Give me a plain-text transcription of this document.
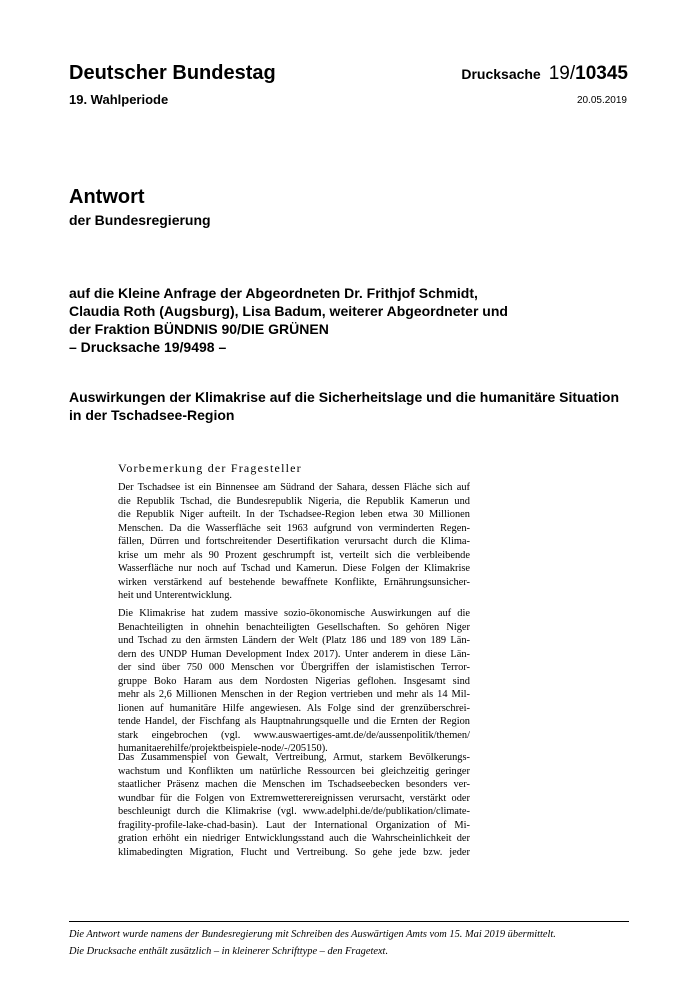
Deutscher Bundestag
19. Wahlperiode
Drucksache 19/10345
20.05.2019
Antwort
der Bundesregierung
auf die Kleine Anfrage der Abgeordneten Dr. Frithjof Schmidt,
Claudia Roth (Augsburg), Lisa Badum, weiterer Abgeordneter und
der Fraktion BÜNDNIS 90/DIE GRÜNEN
– Drucksache 19/9498 –
Auswirkungen der Klimakrise auf die Sicherheitslage und die humanitäre Situation
in der Tschadsee-Region
Vorbemerkung der Fragesteller
Der Tschadsee ist ein Binnensee am Südrand der Sahara, dessen Fläche sich auf
die Republik Tschad, die Bundesrepublik Nigeria, die Republik Kamerun und
die Republik Niger aufteilt. In der Tschadsee-Region leben etwa 30 Millionen
Menschen. Da die Wasserfläche seit 1963 aufgrund von verminderten Regen-
fällen, Dürren und fortschreitender Desertifikation verursacht durch die Klima-
krise um mehr als 90 Prozent geschrumpft ist, verteilt sich die verbleibende
Wasserfläche nur noch auf Tschad und Kamerun. Diese Folgen der Klimakrise
wirken verstärkend auf bestehende bewaffnete Konflikte, Ernährungsunsicher-
heit und Unterentwicklung.
Die Klimakrise hat zudem massive sozio-ökonomische Auswirkungen auf die
Benachteiligten in ohnehin benachteiligten Gesellschaften. So gehören Niger
und Tschad zu den ärmsten Ländern der Welt (Platz 186 und 189 von 189 Län-
dern des UNDP Human Development Index 2017). Unter anderem in diese Län-
der sind über 750 000 Menschen vor Übergriffen der islamistischen Terror-
gruppe Boko Haram aus dem Nordosten Nigerias geflohen. Insgesamt sind
mehr als 2,6 Millionen Menschen in der Region vertrieben und mehr als 14 Mil-
lionen auf humanitäre Hilfe angewiesen. Als Folge sind der grenzüberschrei-
tende Handel, der Fischfang als Hauptnahrungsquelle und die Ernten der Region
stark eingebrochen (vgl. www.auswaertiges-amt.de/de/aussenpolitik/themen/
humanitaerehilfe/projektbeispiele-node/-/205150).
Das Zusammenspiel von Gewalt, Vertreibung, Armut, starkem Bevölkerungs-
wachstum und Konflikten um natürliche Ressourcen bei gleichzeitig geringer
staatlicher Präsenz machen die Menschen im Tschadseebecken besonders ver-
wundbar für die Folgen von Extremwetterereignissen verursacht, verstärkt oder
beschleunigt durch die Klimakrise (vgl. www.adelphi.de/de/publikation/climate-
fragility-profile-lake-chad-basin). Laut der International Organization of Mi-
gration erhöht ein niedriger Entwicklungsstand auch die Wahrscheinlichkeit der
klimabedingten Migration, Flucht und Vertreibung. So gehe jede bzw. jeder
Die Antwort wurde namens der Bundesregierung mit Schreiben des Auswärtigen Amts vom 15. Mai 2019 übermittelt.
Die Drucksache enthält zusätzlich – in kleinerer Schrifttype – den Fragetext.
